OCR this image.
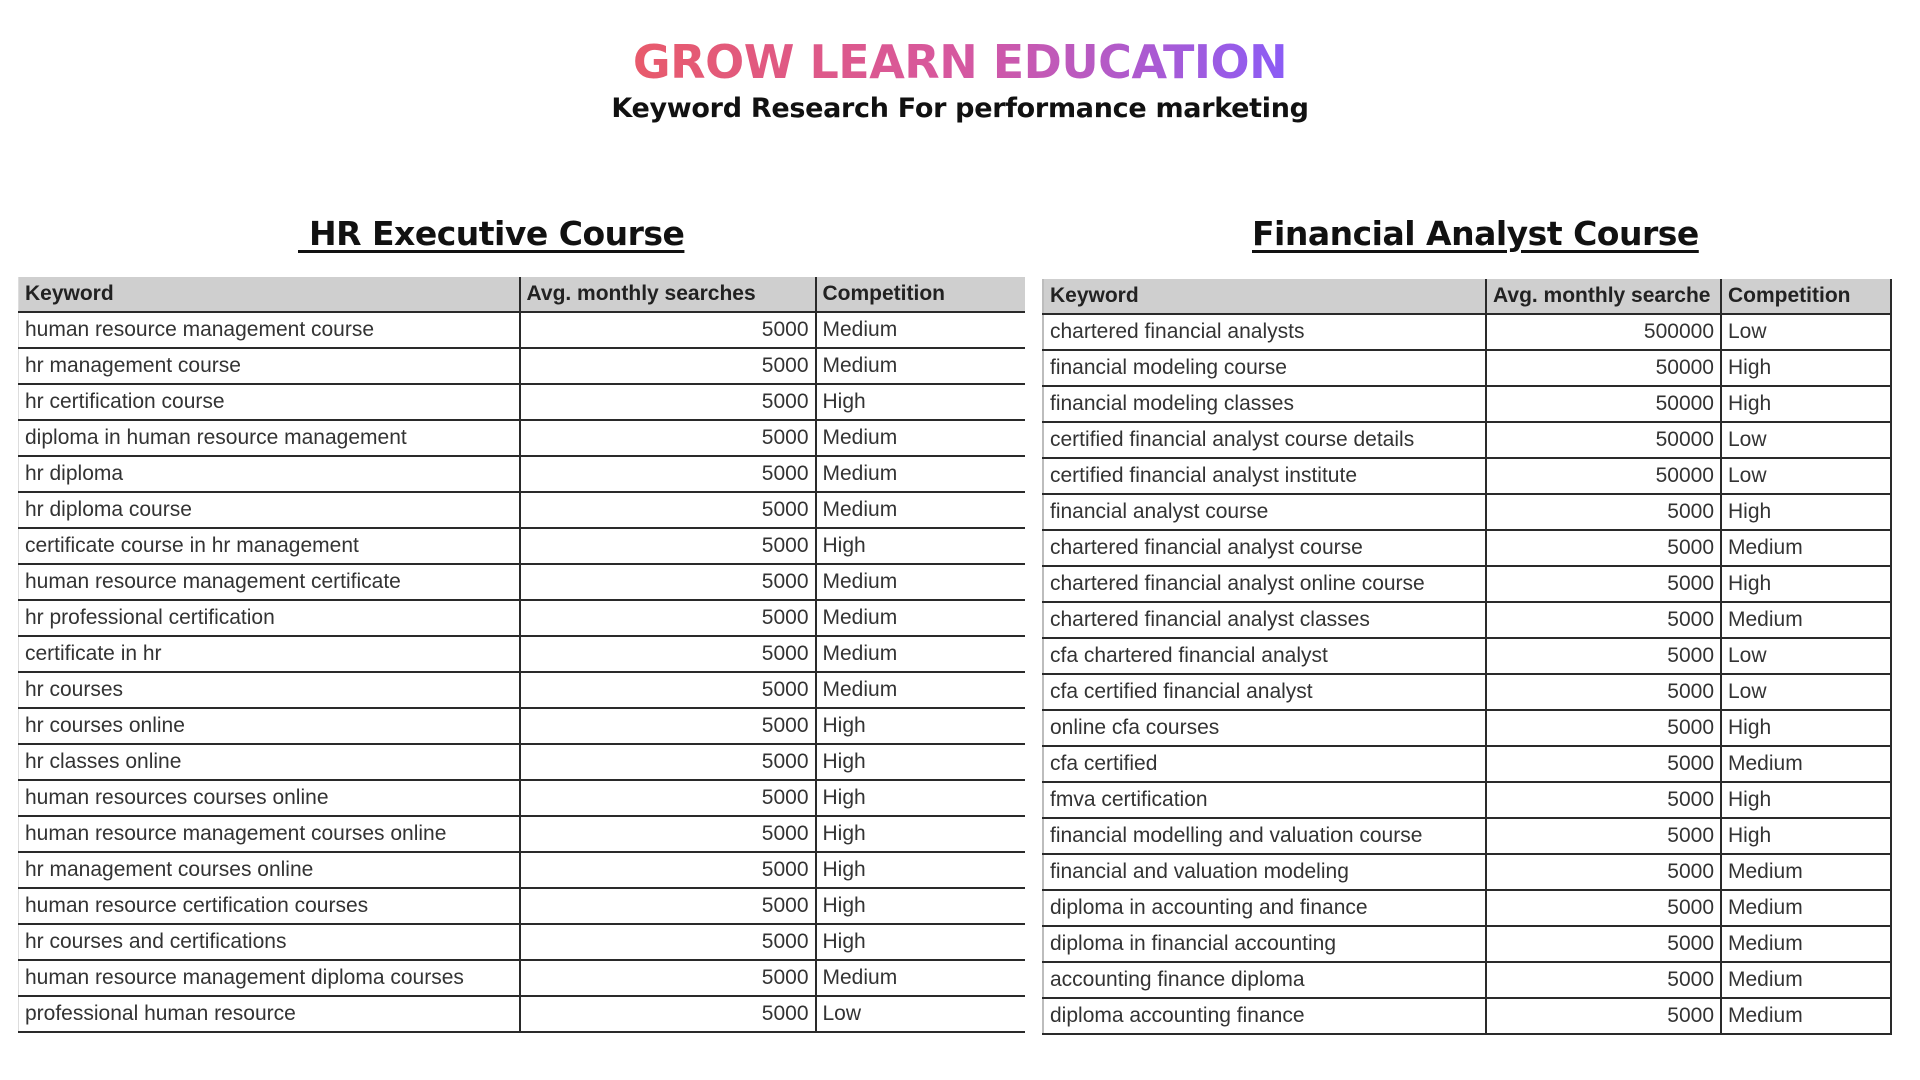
GROW LEARN EDUCATION
Keyword Research For performance marketing
HR Executive Course	Financial Analyst Course
Keyword	Avg. monthly searches	Competition
human resource management course	5000	Medium
hr management course	5000	Medium
hr certification course	5000	High
diploma in human resource management	5000	Medium
hr diploma	5000	Medium
hr diploma course	5000	Medium
certificate course in hr management	5000	High
human resource management certificate	5000	Medium
hr professional certification	5000	Medium
certificate in hr	5000	Medium
hr courses	5000	Medium
hr courses online	5000	High
hr classes online	5000	High
human resources courses online	5000	High
human resource management courses online	5000	High
hr management courses online	5000	High
human resource certification courses	5000	High
hr courses and certifications	5000	High
human resource management diploma courses	5000	Medium
professional human resource	5000	Low
Keyword	Avg. monthly searche	Competition
chartered financial analysts	500000	Low
financial modeling course	50000	High
financial modeling classes	50000	High
certified financial analyst course details	50000	Low
certified financial analyst institute	50000	Low
financial analyst course	5000	High
chartered financial analyst course	5000	Medium
chartered financial analyst online course	5000	High
chartered financial analyst classes	5000	Medium
cfa chartered financial analyst	5000	Low
cfa certified financial analyst	5000	Low
online cfa courses	5000	High
cfa certified	5000	Medium
fmva certification	5000	High
financial modelling and valuation course	5000	High
financial and valuation modeling	5000	Medium
diploma in accounting and finance	5000	Medium
diploma in financial accounting	5000	Medium
accounting finance diploma	5000	Medium
diploma accounting finance	5000	Medium
